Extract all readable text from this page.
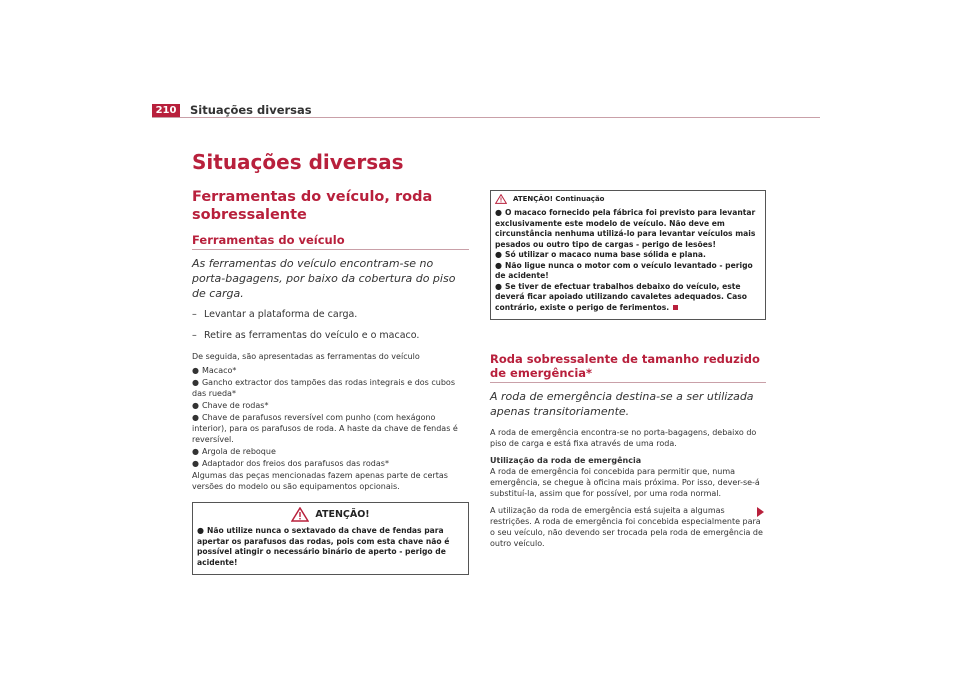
210	Situações diversas
Situações diversas
Ferramentas do veículo, roda sobressalente
Ferramentas do veículo

As ferramentas do veículo encontram-se no porta-bagagens, por baixo da cobertura do piso de carga.

– Levantar a plataforma de carga.

– Retire as ferramentas do veículo e o macaco.

De seguida, são apresentadas as ferramentas do veículo

● Macaco*

● Gancho extractor dos tampões das rodas integrais e dos cubos das rueda*

● Chave de rodas*

● Chave de parafusos reversível com punho (com hexágono interior), para os parafusos de roda. A haste da chave de fendas é reversível.

● Argola de reboque

● Adaptador dos freios dos parafusos das rodas*

Algumas das peças mencionadas fazem apenas parte de certas versões do modelo ou são equipamentos opcionais.

ATENÇÃO!

● Não utilize nunca o sextavado da chave de fendas para apertar os parafusos das rodas, pois com esta chave não é possível atingir o necessário binário de aperto - perigo de acidente!

ATENÇÃO! Continuação

● O macaco fornecido pela fábrica foi previsto para levantar exclusivamente este modelo de veículo. Não deve em circunstância nenhuma utilizá-lo para levantar veículos mais pesados ou outro tipo de cargas - perigo de lesões!

● Só utilizar o macaco numa base sólida e plana.

● Não ligue nunca o motor com o veículo levantado - perigo de acidente!

● Se tiver de efectuar trabalhos debaixo do veículo, este deverá ficar apoiado utilizando cavaletes adequados. Caso contrário, existe o perigo de ferimentos.

Roda sobressalente de tamanho reduzido de emergência*

A roda de emergência destina-se a ser utilizada apenas transitoriamente.

A roda de emergência encontra-se no porta-bagagens, debaixo do piso de carga e está fixa através de uma roda.

Utilização da roda de emergência

A roda de emergência foi concebida para permitir que, numa emergência, se chegue à oficina mais próxima. Por isso, dever-se-á substituí-la, assim que for possível, por uma roda normal.

A utilização da roda de emergência está sujeita a algumas restrições. A roda de emergência foi concebida especialmente para o seu veículo, não devendo ser trocada pela roda de emergência de outro veículo.
